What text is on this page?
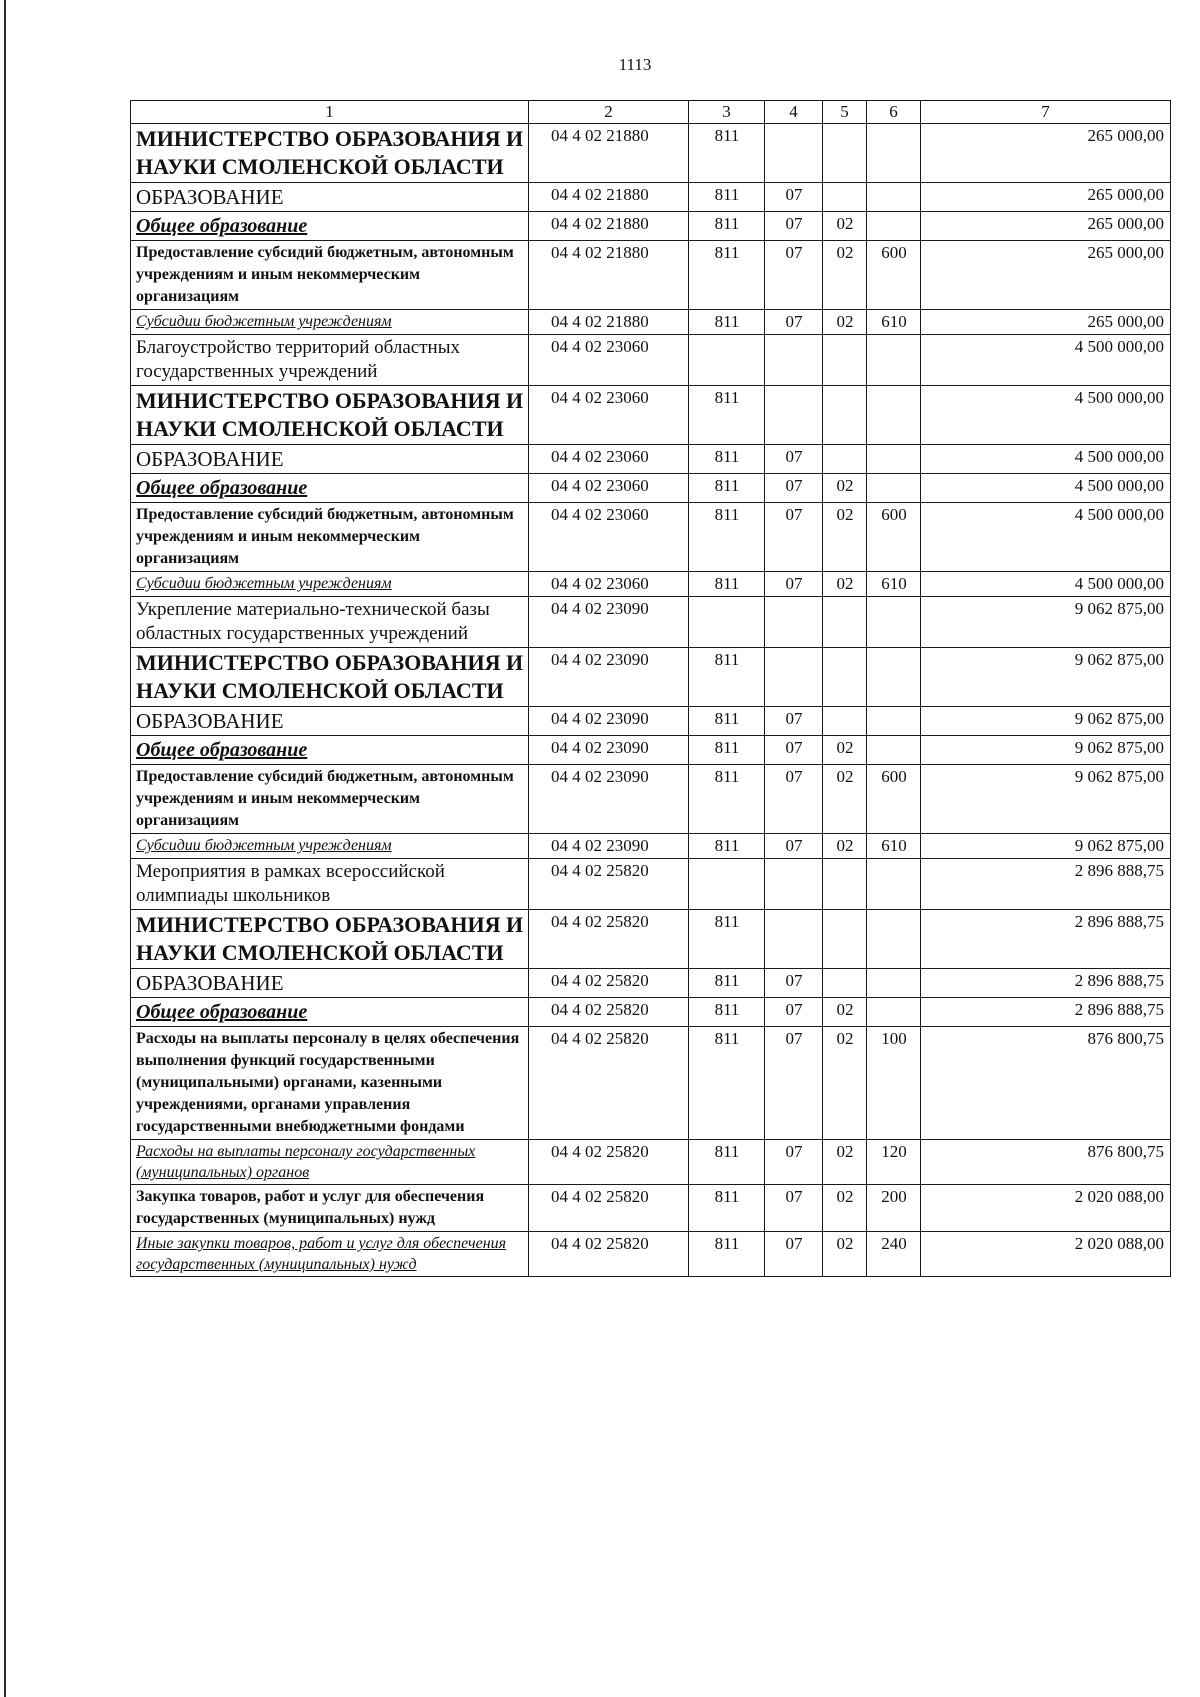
1113
1	2	3	4	5	6	7
МИНИСТЕРСТВО ОБРАЗОВАНИЯ И НАУКИ СМОЛЕНСКОЙ ОБЛАСТИ	04 4 02 21880	811				265 000,00
ОБРАЗОВАНИЕ	04 4 02 21880	811	07			265 000,00
Общее образование	04 4 02 21880	811	07	02		265 000,00
Предоставление субсидий бюджетным, автономным учреждениям и иным некоммерческим организациям	04 4 02 21880	811	07	02	600	265 000,00
Субсидии бюджетным учреждениям	04 4 02 21880	811	07	02	610	265 000,00
Благоустройство территорий областных государственных учреждений	04 4 02 23060					4 500 000,00
МИНИСТЕРСТВО ОБРАЗОВАНИЯ И НАУКИ СМОЛЕНСКОЙ ОБЛАСТИ	04 4 02 23060	811				4 500 000,00
ОБРАЗОВАНИЕ	04 4 02 23060	811	07			4 500 000,00
Общее образование	04 4 02 23060	811	07	02		4 500 000,00
Предоставление субсидий бюджетным, автономным учреждениям и иным некоммерческим организациям	04 4 02 23060	811	07	02	600	4 500 000,00
Субсидии бюджетным учреждениям	04 4 02 23060	811	07	02	610	4 500 000,00
Укрепление материально-технической базы областных государственных учреждений	04 4 02 23090					9 062 875,00
МИНИСТЕРСТВО ОБРАЗОВАНИЯ И НАУКИ СМОЛЕНСКОЙ ОБЛАСТИ	04 4 02 23090	811				9 062 875,00
ОБРАЗОВАНИЕ	04 4 02 23090	811	07			9 062 875,00
Общее образование	04 4 02 23090	811	07	02		9 062 875,00
Предоставление субсидий бюджетным, автономным учреждениям и иным некоммерческим организациям	04 4 02 23090	811	07	02	600	9 062 875,00
Субсидии бюджетным учреждениям	04 4 02 23090	811	07	02	610	9 062 875,00
Мероприятия в рамках всероссийской олимпиады школьников	04 4 02 25820					2 896 888,75
МИНИСТЕРСТВО ОБРАЗОВАНИЯ И НАУКИ СМОЛЕНСКОЙ ОБЛАСТИ	04 4 02 25820	811				2 896 888,75
ОБРАЗОВАНИЕ	04 4 02 25820	811	07			2 896 888,75
Общее образование	04 4 02 25820	811	07	02		2 896 888,75
Расходы на выплаты персоналу в целях обеспечения выполнения функций государственными (муниципальными) органами, казенными учреждениями, органами управления государственными внебюджетными фондами	04 4 02 25820	811	07	02	100	876 800,75
Расходы на выплаты персоналу государственных (муниципальных) органов	04 4 02 25820	811	07	02	120	876 800,75
Закупка товаров, работ и услуг для обеспечения государственных (муниципальных) нужд	04 4 02 25820	811	07	02	200	2 020 088,00
Иные закупки товаров, работ и услуг для обеспечения государственных (муниципальных) нужд	04 4 02 25820	811	07	02	240	2 020 088,00
